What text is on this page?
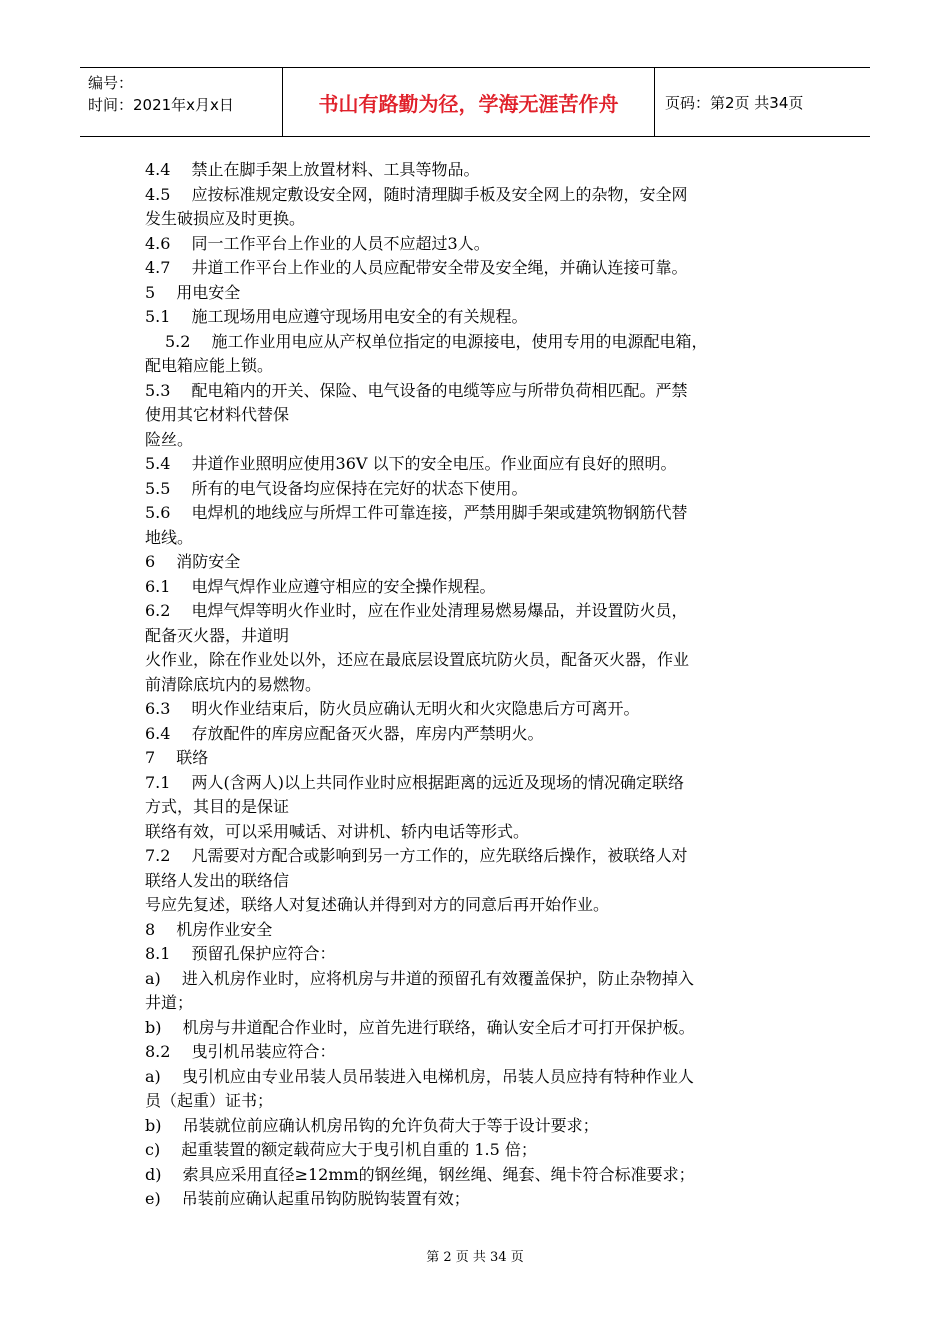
编号：
时间：2021年x月x日	书山有路勤为径，学海无涯苦作舟	页码：第2页 共34页
4.4　 禁止在脚手架上放置材料、工具等物品。
4.5　 应按标准规定敷设安全网，随时清理脚手板及安全网上的杂物，安全网
发生破损应及时更换。
4.6　 同一工作平台上作业的人员不应超过3人。
4.7　 井道工作平台上作业的人员应配带安全带及安全绳，并确认连接可靠。
5　 用电安全
5.1　 施工现场用电应遵守现场用电安全的有关规程。
5.2　 施工作业用电应从产权单位指定的电源接电，使用专用的电源配电箱，
配电箱应能上锁。
5.3　 配电箱内的开关、保险、电气设备的电缆等应与所带负荷相匹配。严禁
使用其它材料代替保
险丝。
5.4　 井道作业照明应使用36V 以下的安全电压。作业面应有良好的照明。
5.5　 所有的电气设备均应保持在完好的状态下使用。
5.6　 电焊机的地线应与所焊工件可靠连接，严禁用脚手架或建筑物钢筋代替
地线。
6　 消防安全
6.1　 电焊气焊作业应遵守相应的安全操作规程。
6.2　 电焊气焊等明火作业时，应在作业处清理易燃易爆品，并设置防火员，
配备灭火器，井道明
火作业，除在作业处以外，还应在最底层设置底坑防火员，配备灭火器，作业
前清除底坑内的易燃物。
6.3　 明火作业结束后，防火员应确认无明火和火灾隐患后方可离开。
6.4　 存放配件的库房应配备灭火器，库房内严禁明火。
7　 联络
7.1　 两人(含两人)以上共同作业时应根据距离的远近及现场的情况确定联络
方式，其目的是保证
联络有效，可以采用喊话、对讲机、轿内电话等形式。
7.2　 凡需要对方配合或影响到另一方工作的，应先联络后操作，被联络人对
联络人发出的联络信
号应先复述，联络人对复述确认并得到对方的同意后再开始作业。
8　 机房作业安全
8.1　 预留孔保护应符合：
a)　 进入机房作业时，应将机房与井道的预留孔有效覆盖保护，防止杂物掉入
井道；
b)　 机房与井道配合作业时，应首先进行联络，确认安全后才可打开保护板。
8.2　 曳引机吊装应符合：
a)　 曳引机应由专业吊装人员吊装进入电梯机房，吊装人员应持有特种作业人
员（起重）证书；
b)　 吊装就位前应确认机房吊钩的允许负荷大于等于设计要求；
c)　 起重装置的额定载荷应大于曳引机自重的 1.5 倍；
d)　 索具应采用直径≥12mm的钢丝绳，钢丝绳、绳套、绳卡符合标准要求；
e)　 吊装前应确认起重吊钩防脱钩装置有效；
第 2 页 共 34 页
